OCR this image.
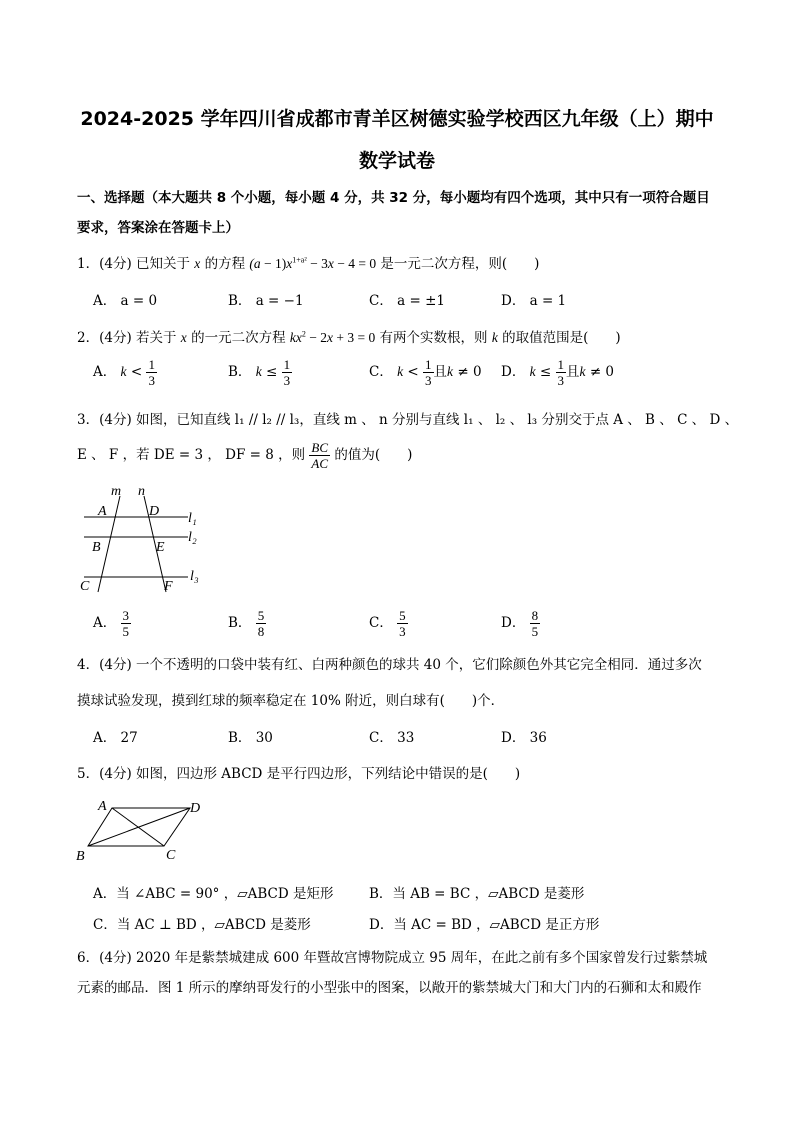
2024-2025 学年四川省成都市青羊区树德实验学校西区九年级（上）期中
数学试卷
一、选择题（本大题共 8 个小题，每小题 4 分，共 32 分，每小题均有四个选项，其中只有一项符合题目
要求，答案涂在答题卡上）
1．(4分) 已知关于 x 的方程 $(a - 1)x^{1+a^2} - 3x - 4 = 0$ 是一元二次方程，则(　　)
A． a = 0	B． a = −1	C． a = ±1	D． a = 1
2．(4分) 若关于 x 的一元二次方程 $kx^2 - 2x + 3 = 0$ 有两个实数根，则 k 的取值范围是(　　)
A． $k < \frac{1}{3}$	B． $k \le \frac{1}{3}$	C． $k < \frac{1}{3}$ 且k ≠ 0 D． $k \le \frac{1}{3}$ 且k ≠ 0
3．(4分) 如图，已知直线 l₁ // l₂ // l₃，直线 m 、 n 分别与直线 l₁ 、 l₂ 、 l₃ 分别交于点 A 、 B 、 C 、 D 、
E 、 F ，若 DE = 3 ， DF = 8 ，则 $\frac{BC}{AC}$ 的值为(　　)
m n
A	D l₁
B	E
l₂
C	F
l₃
A． $\frac{3}{5}$	B． $\frac{5}{8}$	C． $\frac{5}{3}$	D． $\frac{8}{5}$
4．(4分) 一个不透明的口袋中装有红、白两种颜色的球共 40 个，它们除颜色外其它完全相同．通过多次
摸球试验发现，摸到红球的频率稳定在 10% 附近，则白球有(　　)个．
A． 27	B． 30	C． 33	D． 36
5．(4分) 如图，四边形 ABCD 是平行四边形，下列结论中错误的是(　　)
A	D
B	C
A．当 ∠ABC = 90° ，▱ABCD 是矩形	B．当 AB = BC ，▱ABCD 是菱形
C．当 AC ⊥ BD ，▱ABCD 是菱形	D．当 AC = BD ，▱ABCD 是正方形
6．(4分) 2020 年是紫禁城建成 600 年暨故宫博物院成立 95 周年，在此之前有多个国家曾发行过紫禁城
元素的邮品．图 1 所示的摩纳哥发行的小型张中的图案，以敞开的紫禁城大门和大门内的石狮和太和殿作
